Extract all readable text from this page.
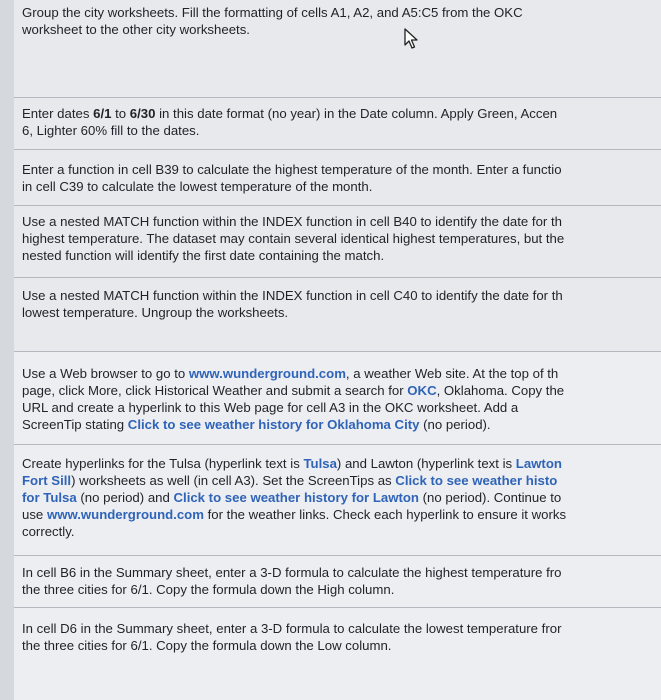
Group the city worksheets. Fill the formatting of cells A1, A2, and A5:C5 from the OKC
worksheet to the other city worksheets.
Enter dates 6/1 to 6/30 in this date format (no year) in the Date column. Apply Green, Accen
6, Lighter 60% fill to the dates.
Enter a function in cell B39 to calculate the highest temperature of the month. Enter a functio
in cell C39 to calculate the lowest temperature of the month.
Use a nested MATCH function within the INDEX function in cell B40 to identify the date for th
highest temperature. The dataset may contain several identical highest temperatures, but the
nested function will identify the first date containing the match.
Use a nested MATCH function within the INDEX function in cell C40 to identify the date for th
lowest temperature. Ungroup the worksheets.
Use a Web browser to go to www.wunderground.com, a weather Web site. At the top of th
page, click More, click Historical Weather and submit a search for OKC, Oklahoma. Copy the
URL and create a hyperlink to this Web page for cell A3 in the OKC worksheet. Add a
ScreenTip stating Click to see weather history for Oklahoma City (no period).
Create hyperlinks for the Tulsa (hyperlink text is Tulsa) and Lawton (hyperlink text is Lawton
Fort Sill) worksheets as well (in cell A3). Set the ScreenTips as Click to see weather histo
for Tulsa (no period) and Click to see weather history for Lawton (no period). Continue to
use www.wunderground.com for the weather links. Check each hyperlink to ensure it works
correctly.
In cell B6 in the Summary sheet, enter a 3-D formula to calculate the highest temperature fro
the three cities for 6/1. Copy the formula down the High column.
In cell D6 in the Summary sheet, enter a 3-D formula to calculate the lowest temperature fror
the three cities for 6/1. Copy the formula down the Low column.
